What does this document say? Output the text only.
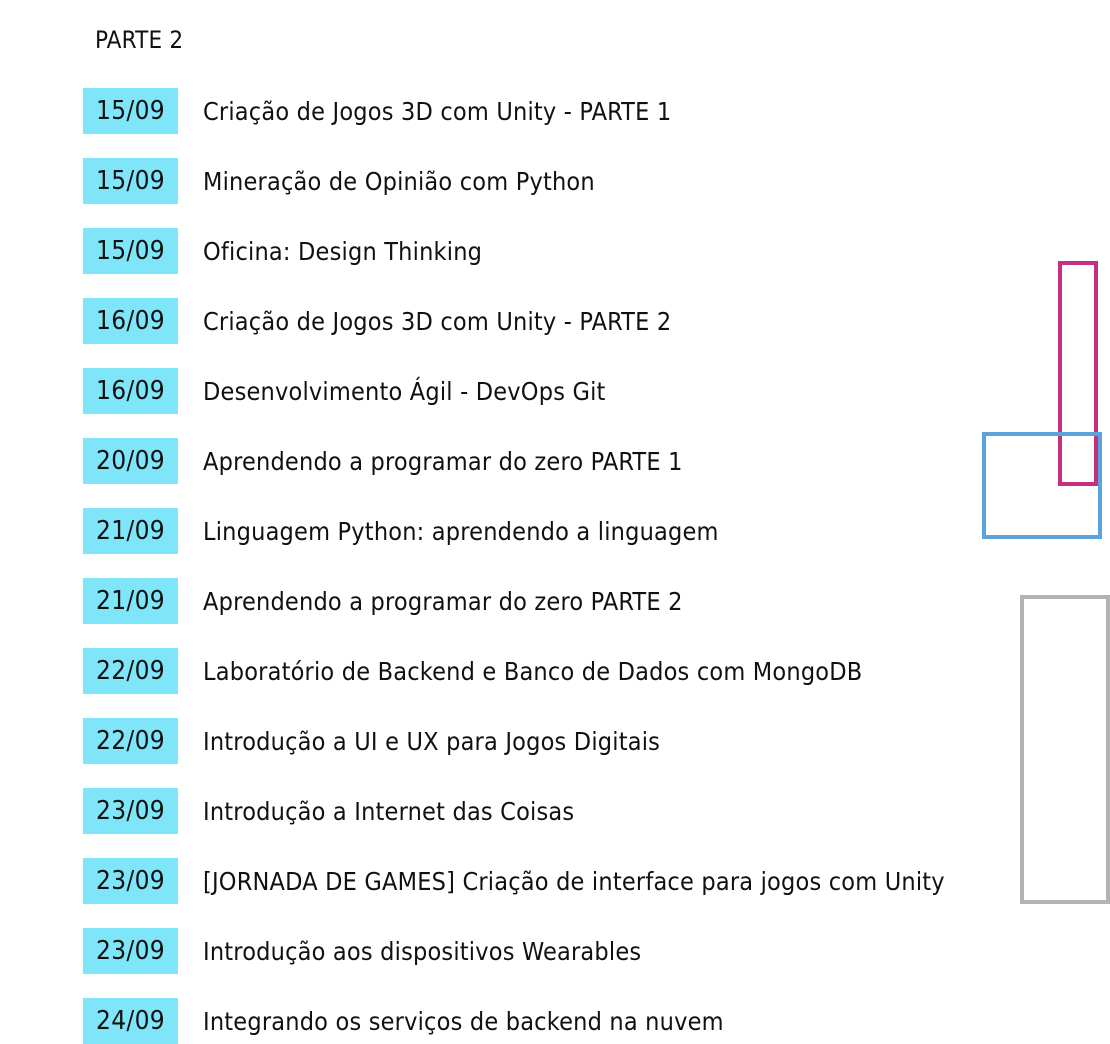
PARTE 2
15/09	Criação de Jogos 3D com Unity - PARTE 1
15/09	Mineração de Opinião com Python
15/09	Oficina: Design Thinking
16/09	Criação de Jogos 3D com Unity - PARTE 2
16/09	Desenvolvimento Ágil - DevOps Git
20/09	Aprendendo a programar do zero PARTE 1
21/09	Linguagem Python: aprendendo a linguagem
21/09	Aprendendo a programar do zero PARTE 2
22/09	Laboratório de Backend e Banco de Dados com MongoDB
22/09	Introdução a UI e UX para Jogos Digitais
23/09	Introdução a Internet das Coisas
23/09	[JORNADA DE GAMES] Criação de interface para jogos com Unity
23/09	Introdução aos dispositivos Wearables
24/09	Integrando os serviços de backend na nuvem
